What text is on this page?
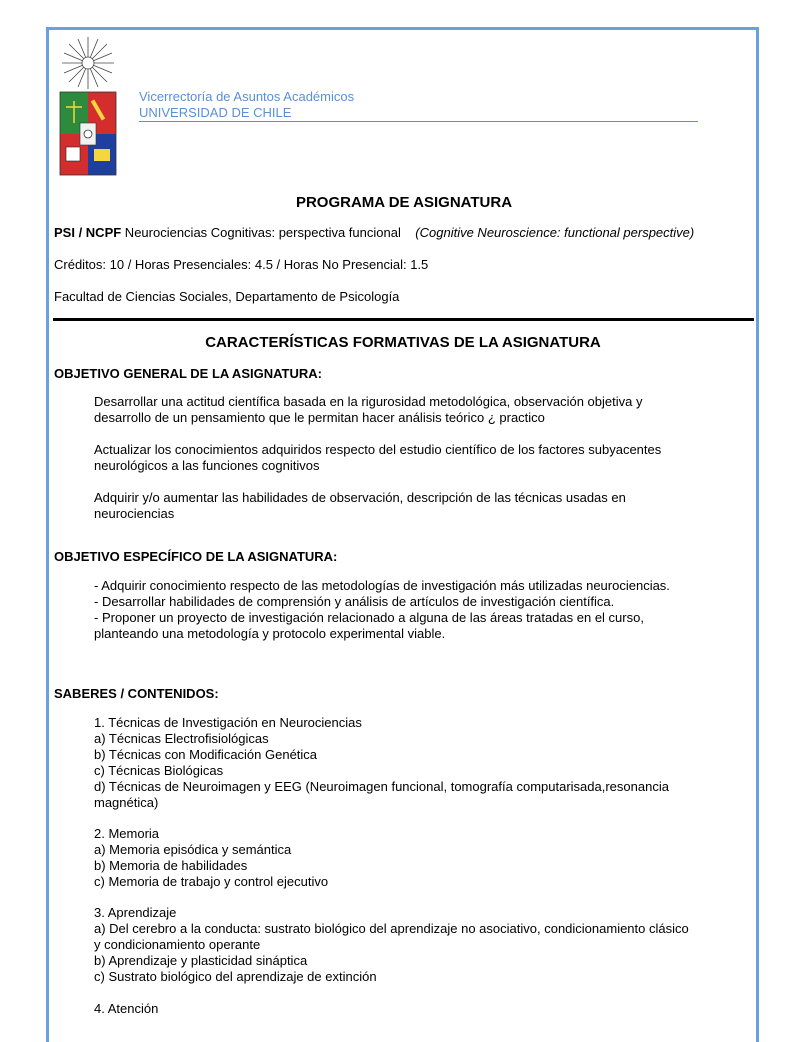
Vicerrectoría de Asuntos Académicos
UNIVERSIDAD DE CHILE
PROGRAMA DE ASIGNATURA
PSI / NCPF Neurociencias Cognitivas: perspectiva funcional (Cognitive Neuroscience: functional perspective)
Créditos: 10 / Horas Presenciales: 4.5 / Horas No Presencial: 1.5
Facultad de Ciencias Sociales, Departamento de Psicología
CARACTERÍSTICAS FORMATIVAS DE LA ASIGNATURA
OBJETIVO GENERAL DE LA ASIGNATURA:
Desarrollar una actitud científica basada en la rigurosidad metodológica, observación objetiva y
desarrollo de un pensamiento que le permitan hacer análisis teórico ¿ practico
Actualizar los conocimientos adquiridos respecto del estudio científico de los factores subyacentes
neurológicos a las funciones cognitivos
Adquirir y/o aumentar las habilidades de observación, descripción de las técnicas usadas en
neurociencias
OBJETIVO ESPECÍFICO DE LA ASIGNATURA:
- Adquirir conocimiento respecto de las metodologías de investigación más utilizadas neurociencias.
- Desarrollar habilidades de comprensión y análisis de artículos de investigación científica.
- Proponer un proyecto de investigación relacionado a alguna de las áreas tratadas en el curso,
planteando una metodología y protocolo experimental viable.
SABERES / CONTENIDOS:
1. Técnicas de Investigación en Neurociencias
a) Técnicas Electrofisiológicas
b) Técnicas con Modificación Genética
c) Técnicas Biológicas
d) Técnicas de Neuroimagen y EEG (Neuroimagen funcional, tomografía computarisada,resonancia
magnética)
2. Memoria
a) Memoria episódica y semántica
b) Memoria de habilidades
c) Memoria de trabajo y control ejecutivo
3. Aprendizaje
a) Del cerebro a la conducta: sustrato biológico del aprendizaje no asociativo, condicionamiento clásico
y condicionamiento operante
b) Aprendizaje y plasticidad sináptica
c) Sustrato biológico del aprendizaje de extinción
4. Atención
